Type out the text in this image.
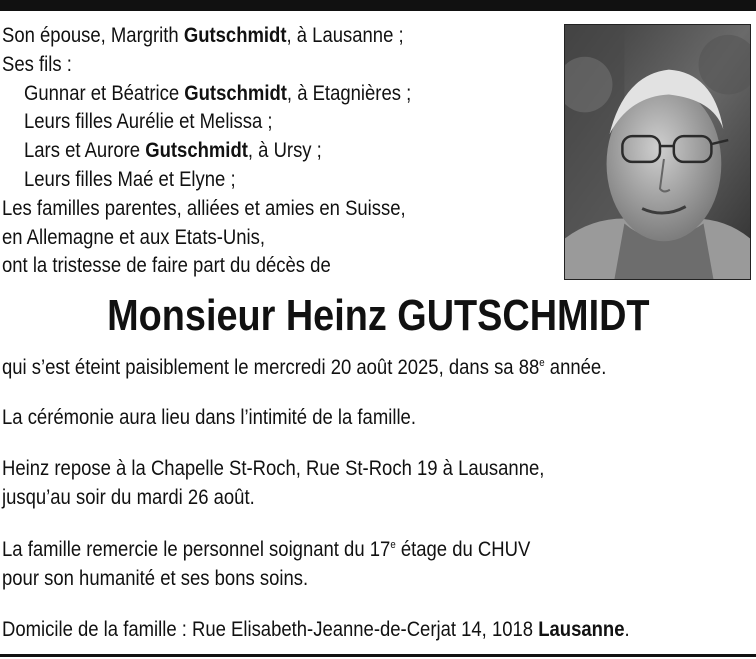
Son épouse, Margrith Gutschmidt, à Lausanne ;
Ses fils :
Gunnar et Béatrice Gutschmidt, à Etagnières ;
Leurs filles Aurélie et Melissa ;
Lars et Aurore Gutschmidt, à Ursy ;
Leurs filles Maé et Elyne ;
Les familles parentes, alliées et amies en Suisse,
en Allemagne et aux Etats-Unis,
ont la tristesse de faire part du décès de
Monsieur Heinz GUTSCHMIDT
qui s’est éteint paisiblement le mercredi 20 août 2025, dans sa 88e année.
La cérémonie aura lieu dans l’intimité de la famille.
Heinz repose à la Chapelle St-Roch, Rue St-Roch 19 à Lausanne,
jusqu’au soir du mardi 26 août.
La famille remercie le personnel soignant du 17e étage du CHUV
pour son humanité et ses bons soins.
Domicile de la famille : Rue Elisabeth-Jeanne-de-Cerjat 14, 1018 Lausanne.
